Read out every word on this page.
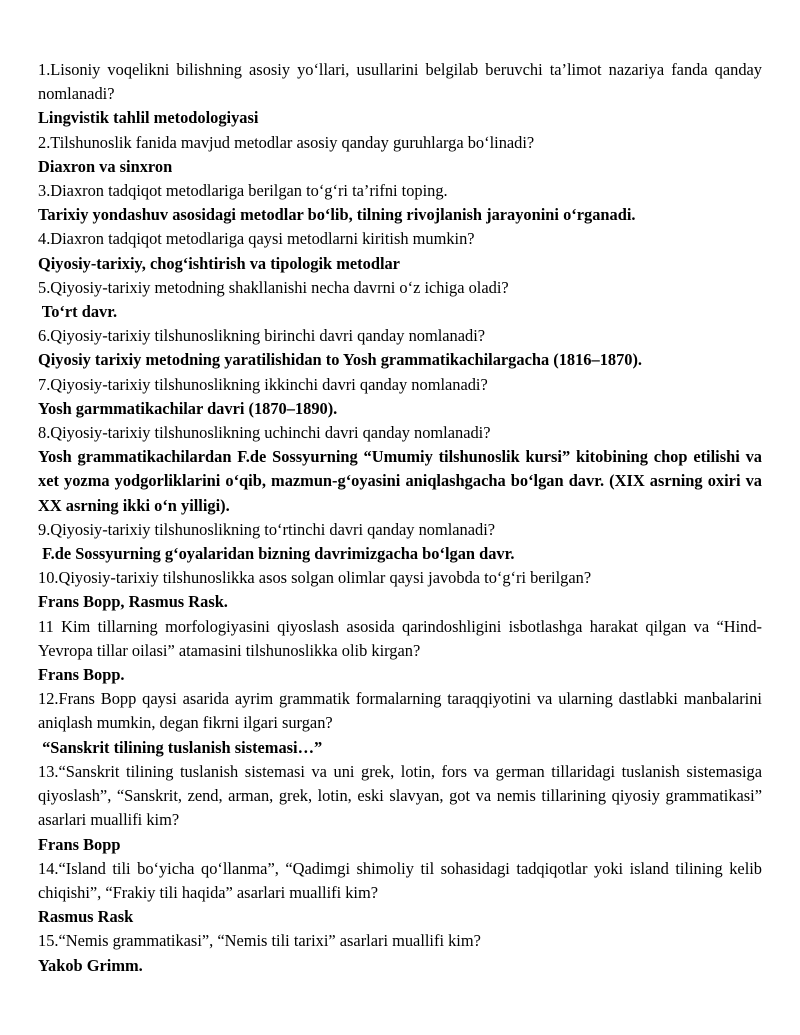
1.Lisoniy voqelikni bilishning asosiy yo‘llari, usullarini belgilab beruvchi ta’limot nazariya fanda qanday nomlanadi?

Lingvistik tahlil metodologiyasi

2.Tilshunoslik fanida mavjud metodlar asosiy qanday guruhlarga bo‘linadi?

Diaxron va sinxron

3.Diaxron tadqiqot metodlariga berilgan to‘g‘ri ta’rifni toping.

Tarixiy yondashuv asosidagi metodlar bo‘lib, tilning rivojlanish jarayonini o‘rganadi.

4.Diaxron tadqiqot metodlariga qaysi metodlarni kiritish mumkin?

Qiyosiy-tarixiy, chog‘ishtirish va tipologik metodlar

5.Qiyosiy-tarixiy metodning shakllanishi necha davrni o‘z ichiga oladi?

To‘rt davr.

6.Qiyosiy-tarixiy tilshunoslikning birinchi davri qanday nomlanadi?

Qiyosiy tarixiy metodning yaratilishidan to Yosh grammatikachilargacha (1816–1870).

7.Qiyosiy-tarixiy tilshunoslikning ikkinchi davri qanday nomlanadi?

Yosh garmmatikachilar davri (1870–1890).

8.Qiyosiy-tarixiy tilshunoslikning uchinchi davri qanday nomlanadi?

Yosh grammatikachilardan F.de Sossyurning “Umumiy tilshunoslik kursi” kitobining chop etilishi va xet yozma yodgorliklarini o‘qib, mazmun-g‘oyasini aniqlashgacha bo‘lgan davr. (XIX asrning oxiri va XX asrning ikki o‘n yilligi).

9.Qiyosiy-tarixiy tilshunoslikning to‘rtinchi davri qanday nomlanadi?

F.de Sossyurning g‘oyalaridan bizning davrimizgacha bo‘lgan davr.

10.Qiyosiy-tarixiy tilshunoslikka asos solgan olimlar qaysi javobda to‘g‘ri berilgan?

Frans Bopp, Rasmus Rask.

11 Kim tillarning morfologiyasini qiyoslash asosida qarindoshligini isbotlashga harakat qilgan va “Hind-Yevropa tillar oilasi” atamasini tilshunoslikka olib kirgan?

Frans Bopp.

12.Frans Bopp qaysi asarida ayrim grammatik formalarning taraqqiyotini va ularning dastlabki manbalarini aniqlash mumkin, degan fikrni ilgari surgan?

“Sanskrit tilining tuslanish sistemasi…”

13.“Sanskrit tilining tuslanish sistemasi va uni grek, lotin, fors va german tillaridagi tuslanish sistemasiga qiyoslash”, “Sanskrit, zend, arman, grek, lotin, eski slavyan, got va nemis tillarining qiyosiy grammatikasi” asarlari muallifi kim?

Frans Bopp

14.“Island tili bo‘yicha qo‘llanma”, “Qadimgi shimoliy til sohasidagi tadqiqotlar yoki island tilining kelib chiqishi”, “Frakiy tili haqida” asarlari muallifi kim?

Rasmus Rask

15.“Nemis grammatikasi”, “Nemis tili tarixi” asarlari muallifi kim?

Yakob Grimm.
